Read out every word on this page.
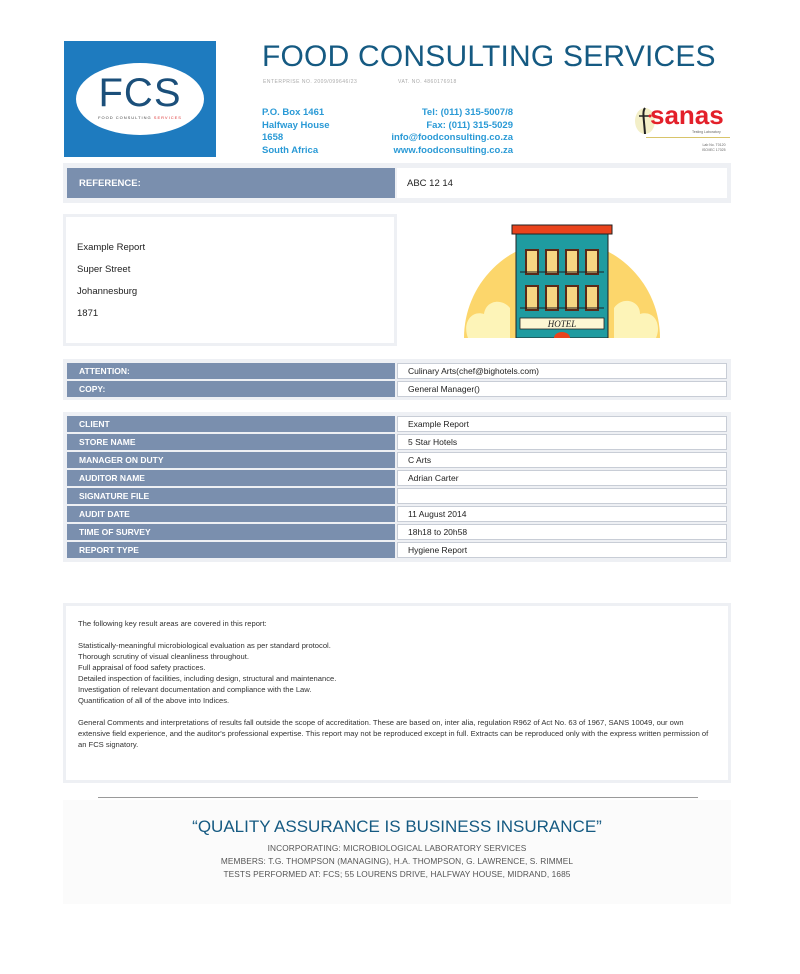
FCS
FOOD CONSULTING SERVICES
FOOD CONSULTING SERVICES
ENTERPRISE NO. 2009/099646/23	VAT. NO. 4860176918
P.O. Box 1461
Halfway House
1658
South Africa
Tel: (011) 315-5007/8
Fax: (011) 315-5029
info@foodconsulting.co.za
www.foodconsulting.co.za
sanas
Testing Laboratory
Lab No. T0120
ISO/IEC 17025
REFERENCE:	ABC 12 14
Example Report
Super Street
Johannesburg
1871
HOTEL
ATTENTION:	Culinary Arts(chef@bighotels.com)
COPY:	General Manager()
CLIENT	Example Report
STORE NAME	5 Star Hotels
MANAGER ON DUTY	C Arts
AUDITOR NAME	Adrian Carter
SIGNATURE FILE
AUDIT DATE	11 August 2014
TIME OF SURVEY	18h18 to 20h58
REPORT TYPE	Hygiene Report

The following key result areas are covered in this report:

Statistically-meaningful microbiological evaluation as per standard protocol.

Thorough scrutiny of visual cleanliness throughout.

Full appraisal of food safety practices.

Detailed inspection of facilities, including design, structural and maintenance.

Investigation of relevant documentation and compliance with the Law.

Quantification of all of the above into Indices.

General Comments and interpretations of results fall outside the scope of accreditation. These are based on, inter alia, regulation R962 of Act No. 63 of 1967, SANS 10049, our own extensive field experience, and the auditor's professional expertise. This report may not be reproduced except in full. Extracts can be reproduced only with the express written permission of an FCS signatory.

“QUALITY ASSURANCE IS BUSINESS INSURANCE”
INCORPORATING: MICROBIOLOGICAL LABORATORY SERVICES
MEMBERS: T.G. THOMPSON (MANAGING), H.A. THOMPSON, G. LAWRENCE, S. RIMMEL
TESTS PERFORMED AT: FCS; 55 LOURENS DRIVE, HALFWAY HOUSE, MIDRAND, 1685
